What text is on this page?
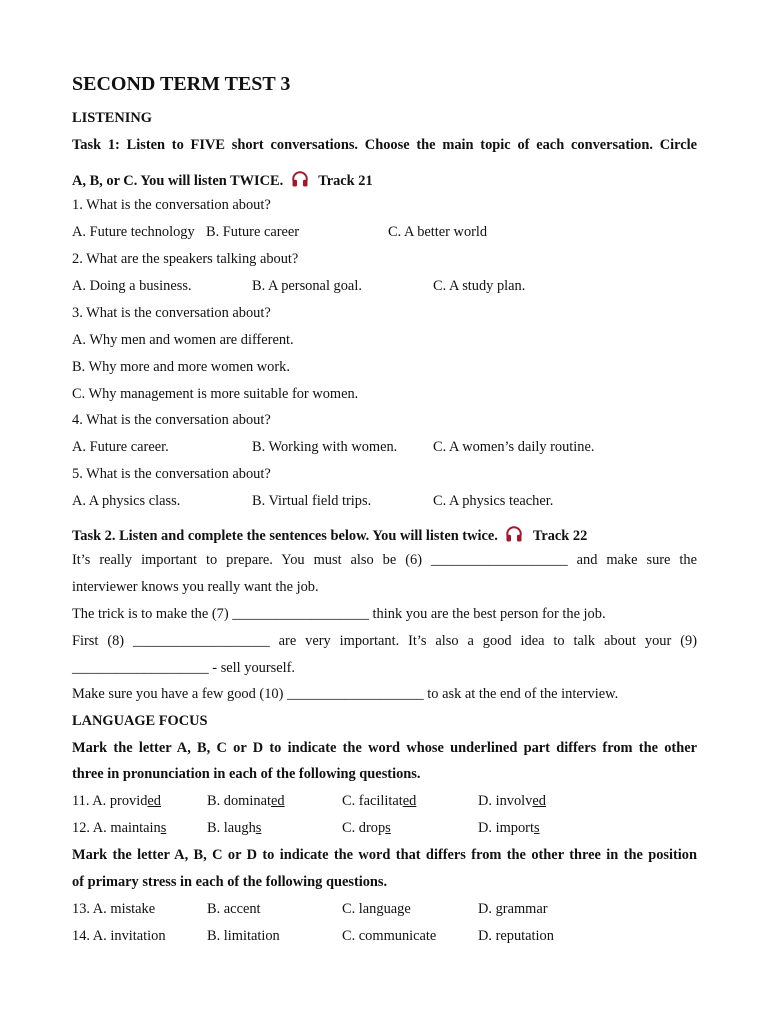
SECOND TERM TEST 3
LISTENING
Task 1: Listen to FIVE short conversations. Choose the main topic of each conversation. Circle
A, B, or C. You will listen TWICE. Track 21
1. What is the conversation about?
A. Future technology B. Future career	C. A better world
2. What are the speakers talking about?
A. Doing a business.	B. A personal goal.	C. A study plan.
3. What is the conversation about?
A. Why men and women are different.
B. Why more and more women work.
C. Why management is more suitable for women.
4. What is the conversation about?
A. Future career.	B. Working with women. C. A women’s daily routine.
5. What is the conversation about?
A. A physics class.	B. Virtual field trips.	C. A physics teacher.
Task 2. Listen and complete the sentences below. You will listen twice. Track 22
It’s really important to prepare. You must also be (6) ___________________ and make sure the
interviewer knows you really want the job.
The trick is to make the (7) ___________________ think you are the best person for the job.
First (8) ___________________ are very important. It’s also a good idea to talk about your (9)
___________________ - sell yourself.
Make sure you have a few good (10) ___________________ to ask at the end of the interview.
LANGUAGE FOCUS
Mark the letter A, B, C or D to indicate the word whose underlined part differs from the other
three in pronunciation in each of the following questions.
11. A. provided	B. dominated	C. facilitated	D. involved
12. A. maintains	B. laughs	C. drops	D. imports
Mark the letter A, B, C or D to indicate the word that differs from the other three in the position
of primary stress in each of the following questions.
13. A. mistake	B. accent	C. language	D. grammar
14. A. invitation	B. limitation	C. communicate	D. reputation
